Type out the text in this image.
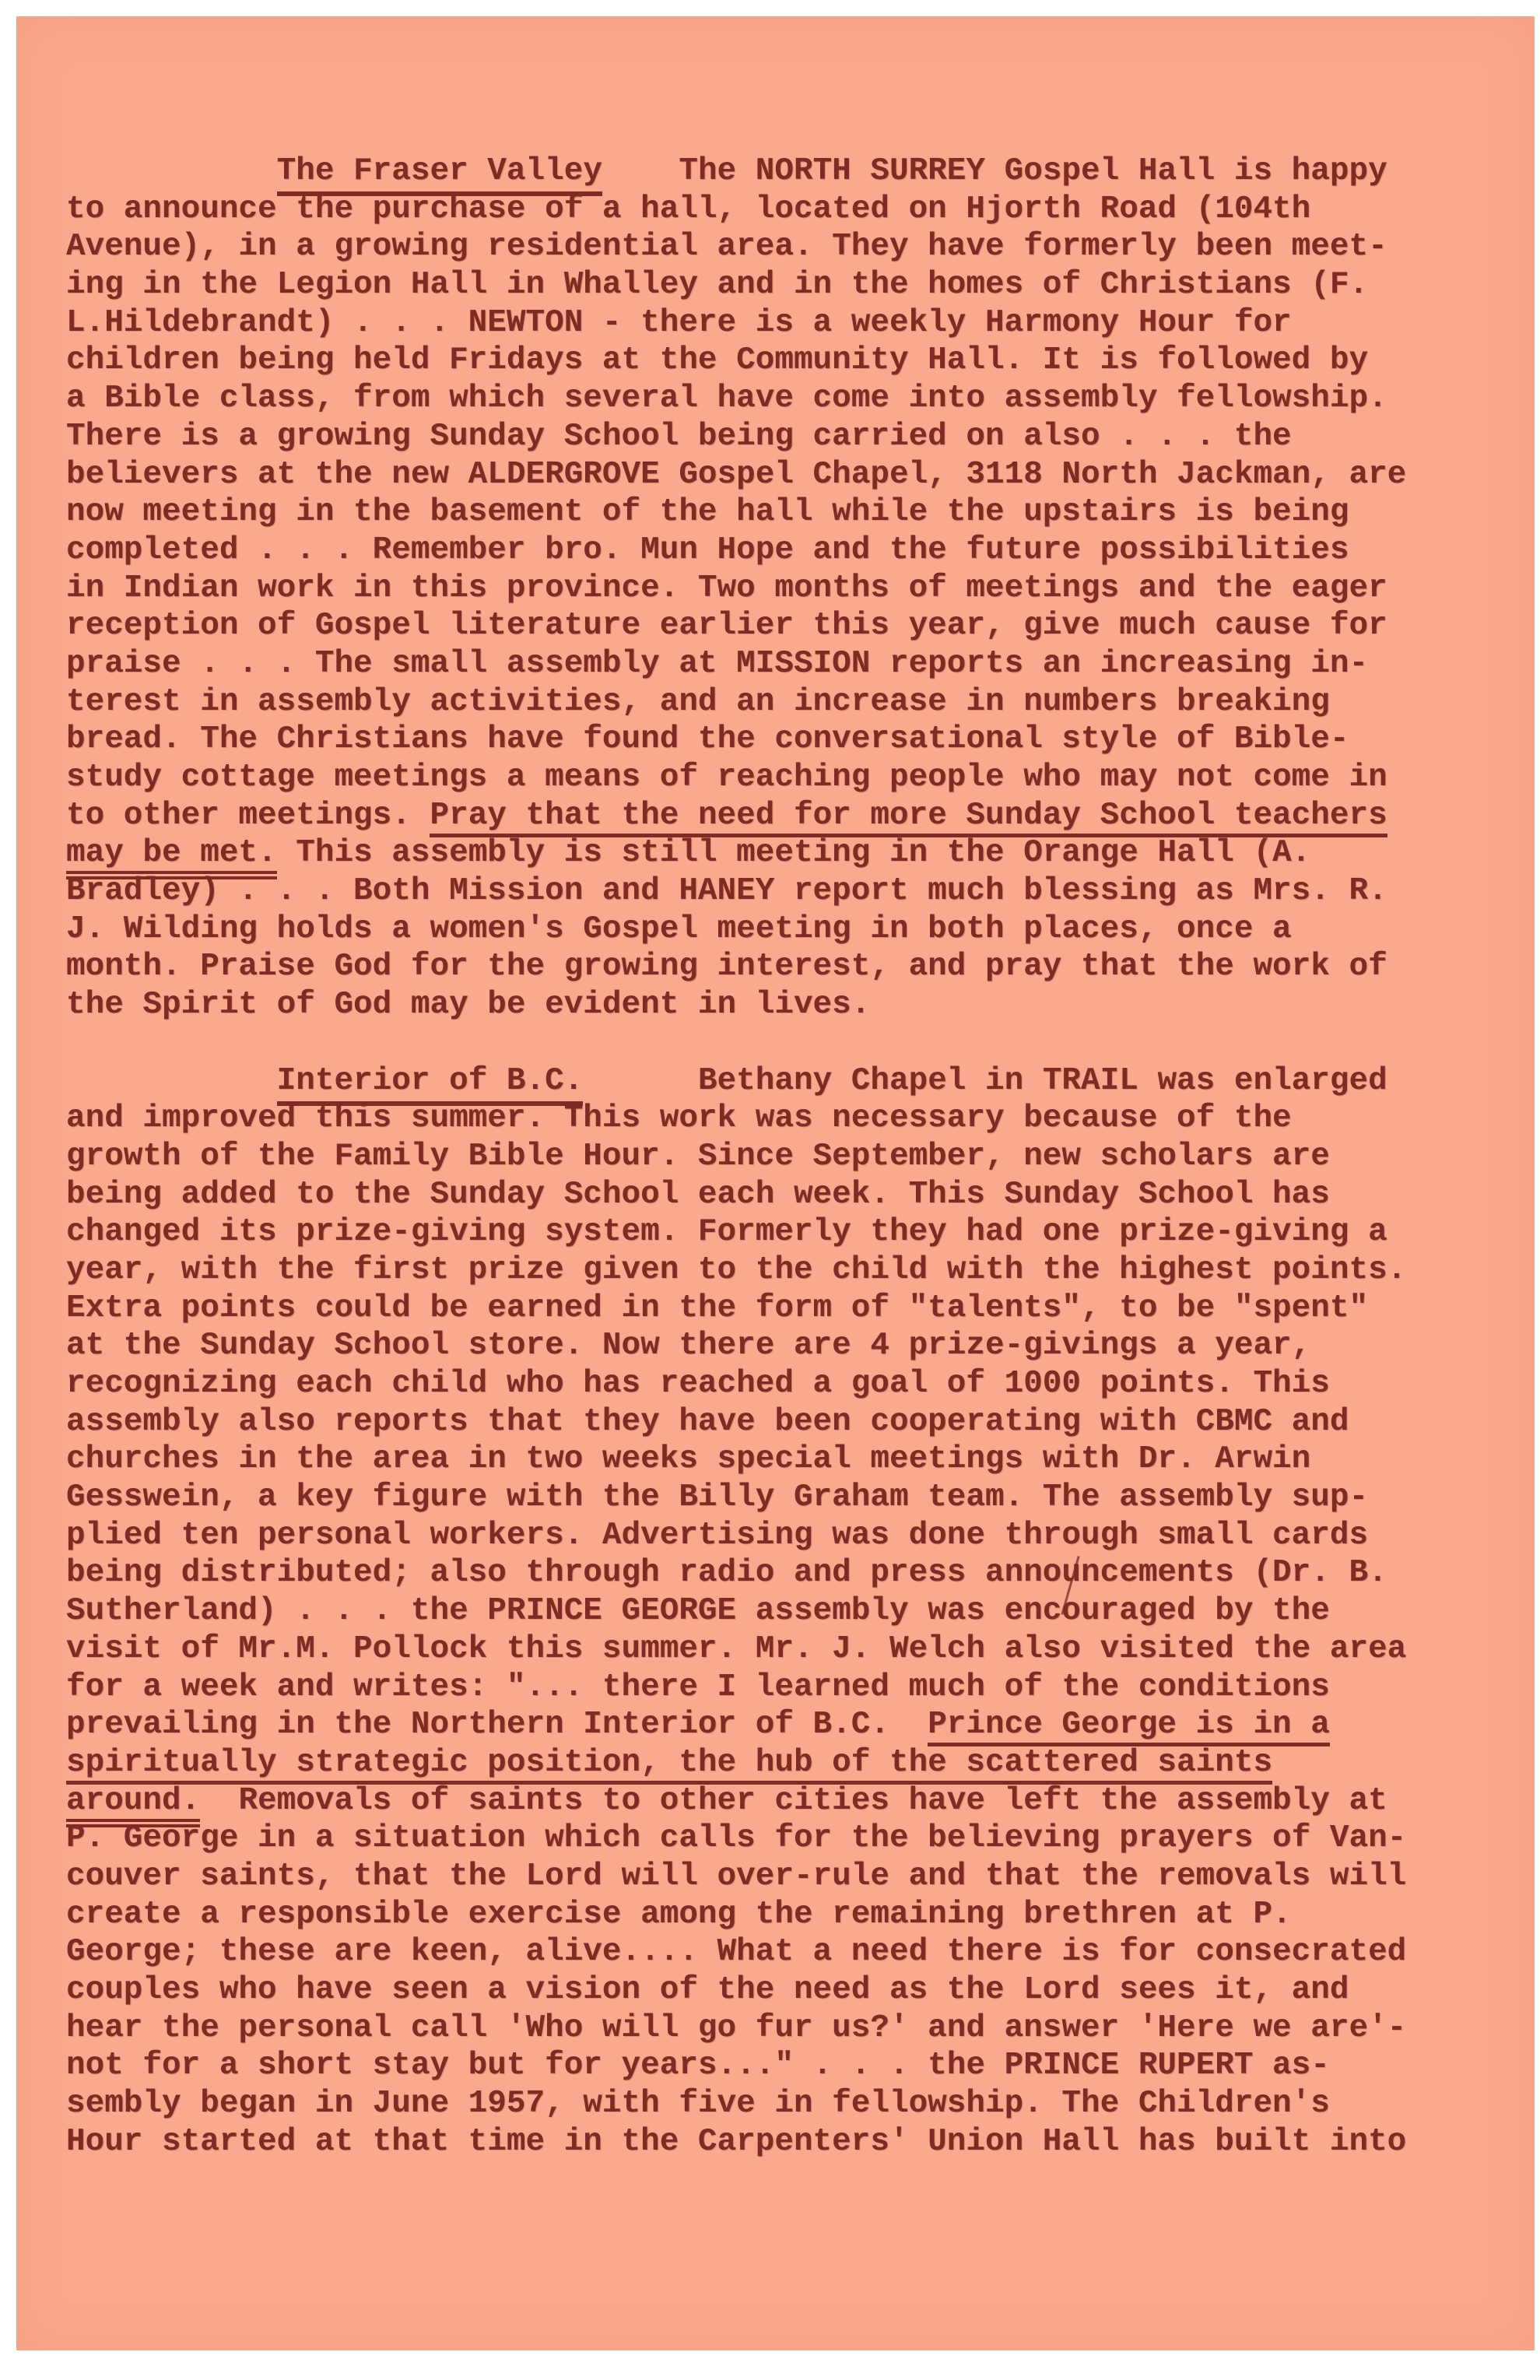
The Fraser Valley    The NORTH SURREY Gospel Hall is happy
to announce the purchase of a hall, located on Hjorth Road (104th
Avenue), in a growing residential area. They have formerly been meet-
ing in the Legion Hall in Whalley and in the homes of Christians (F.
L.Hildebrandt) . . . NEWTON - there is a weekly Harmony Hour for
children being held Fridays at the Community Hall. It is followed by
a Bible class, from which several have come into assembly fellowship.
There is a growing Sunday School being carried on also . . . the
believers at the new ALDERGROVE Gospel Chapel, 3118 North Jackman, are
now meeting in the basement of the hall while the upstairs is being
completed . . . Remember bro. Mun Hope and the future possibilities
in Indian work in this province. Two months of meetings and the eager
reception of Gospel literature earlier this year, give much cause for
praise . . . The small assembly at MISSION reports an increasing in-
terest in assembly activities, and an increase in numbers breaking
bread. The Christians have found the conversational style of Bible-
study cottage meetings a means of reaching people who may not come in
to other meetings. Pray that the need for more Sunday School teachers
may be met. This assembly is still meeting in the Orange Hall (A.
Bradley) . . . Both Mission and HANEY report much blessing as Mrs. R.
J. Wilding holds a women's Gospel meeting in both places, once a
month. Praise God for the growing interest, and pray that the work of
the Spirit of God may be evident in lives.
Interior of B.C.      Bethany Chapel in TRAIL was enlarged
and improved this summer. This work was necessary because of the
growth of the Family Bible Hour. Since September, new scholars are
being added to the Sunday School each week. This Sunday School has
changed its prize-giving system. Formerly they had one prize-giving a
year, with the first prize given to the child with the highest points.
Extra points could be earned in the form of "talents", to be "spent"
at the Sunday School store. Now there are 4 prize-givings a year,
recognizing each child who has reached a goal of 1000 points. This
assembly also reports that they have been cooperating with CBMC and
churches in the area in two weeks special meetings with Dr. Arwin
Gesswein, a key figure with the Billy Graham team. The assembly sup-
plied ten personal workers. Advertising was done through small cards
being distributed; also through radio and press announcements (Dr. B.
Sutherland) . . . the PRINCE GEORGE assembly was encouraged by the
visit of Mr.M. Pollock this summer. Mr. J. Welch also visited the area
for a week and writes: "... there I learned much of the conditions
prevailing in the Northern Interior of B.C.  Prince George is in a
spiritually strategic position, the hub of the scattered saints
around.  Removals of saints to other cities have left the assembly at
P. George in a situation which calls for the believing prayers of Van-
couver saints, that the Lord will over-rule and that the removals will
create a responsible exercise among the remaining brethren at P.
George; these are keen, alive.... What a need there is for consecrated
couples who have seen a vision of the need as the Lord sees it, and
hear the personal call 'Who will go fur us?' and answer 'Here we are'-
not for a short stay but for years..." . . . the PRINCE RUPERT as-
sembly began in June 1957, with five in fellowship. The Children's
Hour started at that time in the Carpenters' Union Hall has built into
